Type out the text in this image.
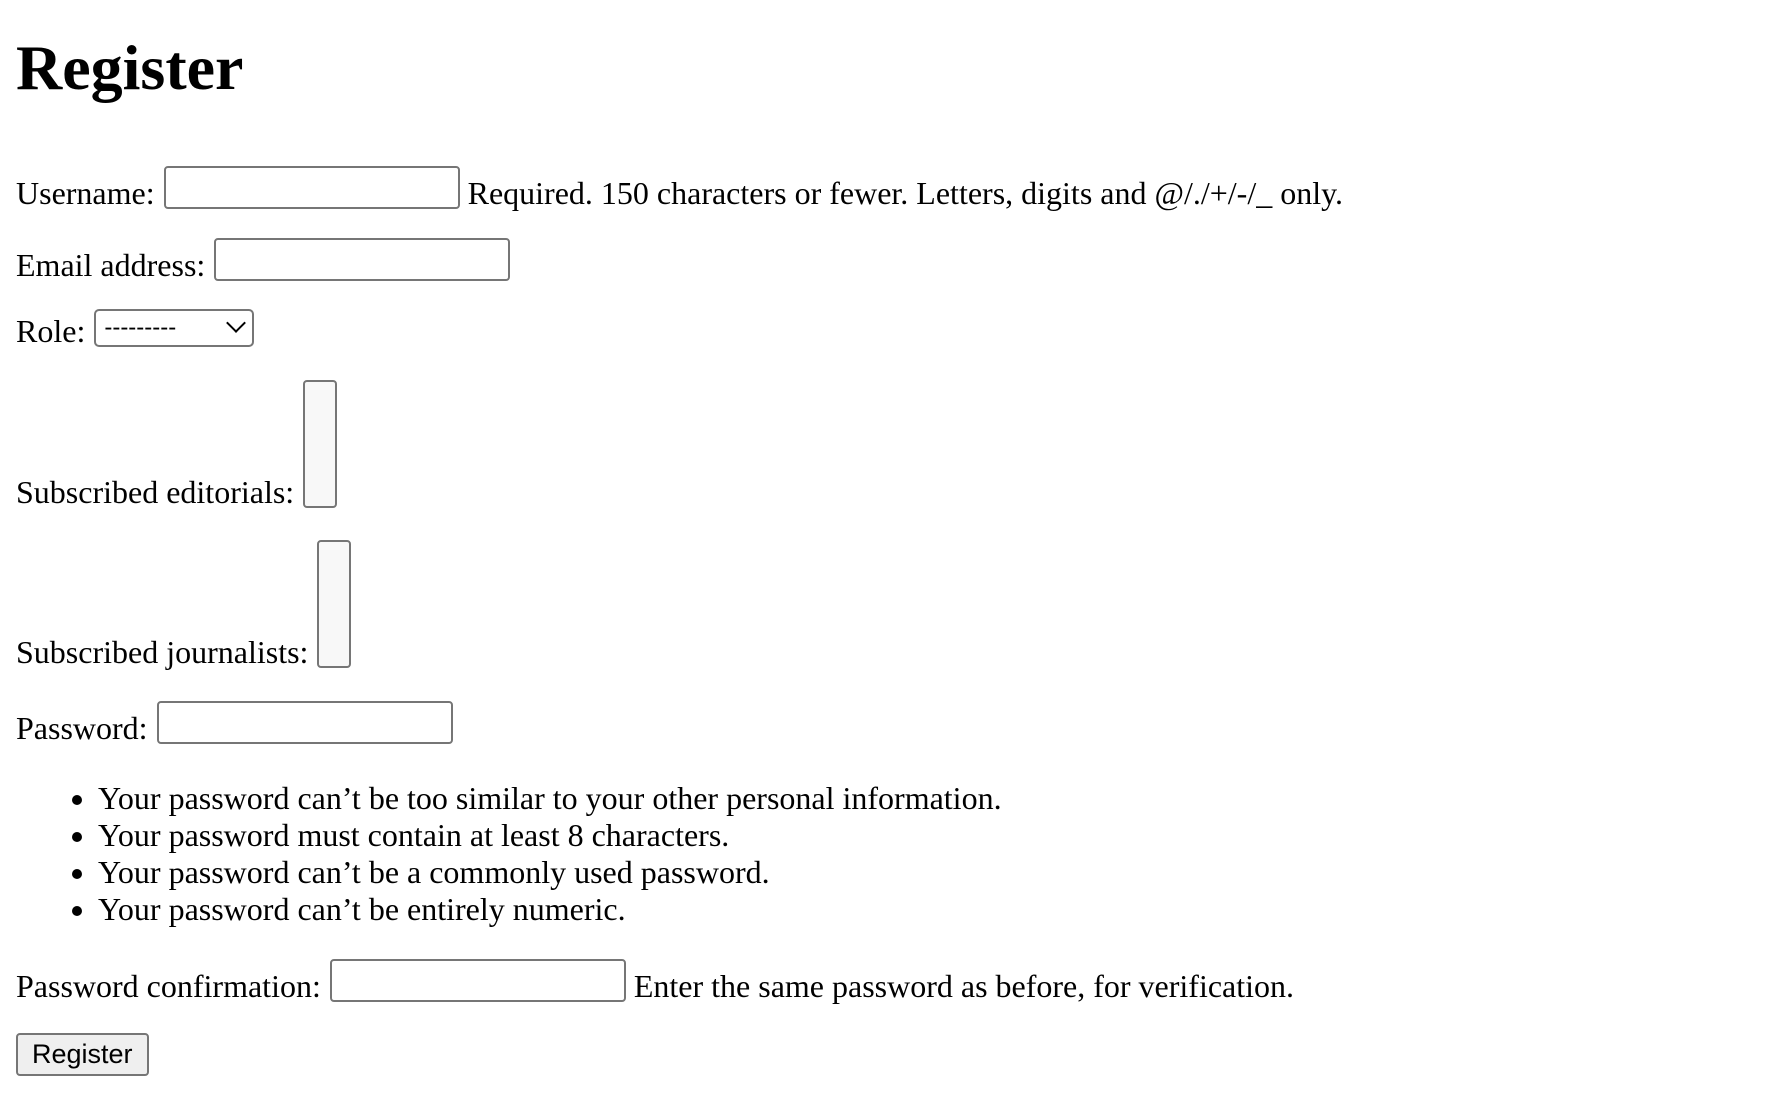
Register
Username:	Required. 150 characters or fewer. Letters, digits and @/./+/-/_ only.
Email address:
Role: ---------
Subscribed editorials:
Subscribed journalists:
Password:
• Your password can’t be too similar to your other personal information.
• Your password must contain at least 8 characters.
• Your password can’t be a commonly used password.
• Your password can’t be entirely numeric.
Password confirmation:	Enter the same password as before, for verification.
Register
